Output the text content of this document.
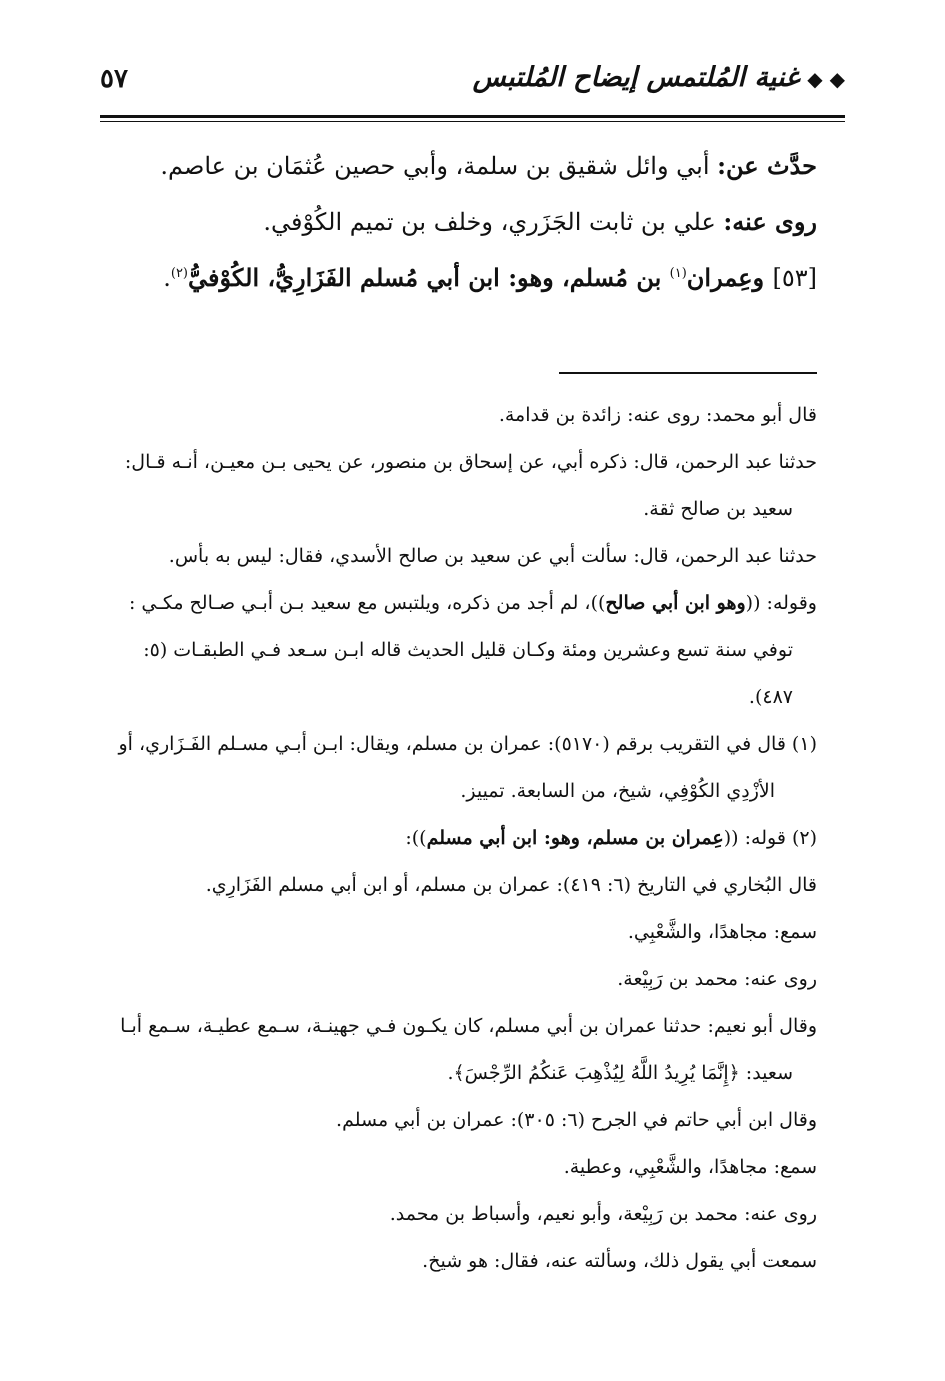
◆ ◆غنية المُلتمس إيضاح المُلتبس
٥٧
حدَّث عن: أبي وائل شقيق بن سلمة، وأبي حصين عُثمَان بن عاصم.
روى عنه: علي بن ثابت الجَزَري، وخلف بن تميم الكُوْفي.
[٥٣] وعِمران$^{(١)}$ بن مُسلم، وهو: ابن أبي مُسلم الفَزَارِيُّ، الكُوْفيُّ$^{(٢)}$.
قال أبو محمد: روى عنه: زائدة بن قدامة.
حدثنا عبد الرحمن، قال: ذكره أبي، عن إسحاق بن منصور، عن يحيى بـن معيـن، أنـه قـال:
سعيد بن صالح ثقة.
حدثنا عبد الرحمن، قال: سألت أبي عن سعيد بن صالح الأسدي، فقال: ليس به بأس.
وقوله: ((وهو ابن أبي صالح))، لم أجد من ذكره، ويلتبس مع سعيد بـن أبـي صـالح مكـي :
توفي سنة تسع وعشرين ومئة وكـان قليل الحديث قاله ابـن سـعد فـي الطبقـات (٥:
٤٨٧).
(١) قال في التقريب برقم (٥١٧٠): عمران بن مسلم، ويقال: ابـن أبـي مسـلم الفَـزَاري، أو
الأزْدِي الكُوْفِي، شيخ، من السابعة. تمييز.
(٢) قوله: ((عِمران بن مسلم، وهو: ابن أبي مسلم)):
قال البُخاري في التاريخ (٦: ٤١٩): عمران بن مسلم، أو ابن أبي مسلم الفَزَارِي.
سمع: مجاهدًا، والشَّعْبِي.
روى عنه: محمد بن رَبِيْعة.
وقال أبو نعيم: حدثنا عمران بن أبي مسلم، كان يكـون فـي جهينـة، سـمع عطيـة، سـمع أبـا
سعيد: ﴿إِنَّمَا يُرِيدُ اللَّهُ لِيُذْهِبَ عَنكُمُ الرِّجْسَ﴾.
وقال ابن أبي حاتم في الجرح (٦: ٣٠٥): عمران بن أبي مسلم.
سمع: مجاهدًا، والشَّعْبِي، وعطية.
روى عنه: محمد بن رَبِيْعة، وأبو نعيم، وأسباط بن محمد.
سمعت أبي يقول ذلك، وسألته عنه، فقال: هو شيخ.
